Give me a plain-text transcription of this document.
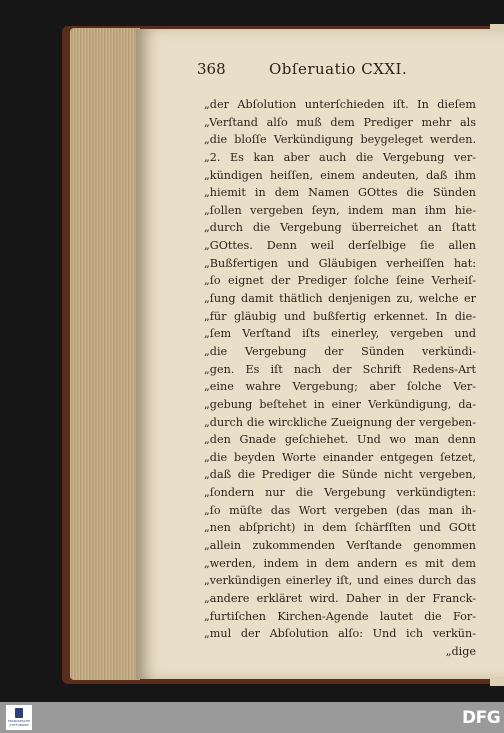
368	Obſeruatio CXXI.
„der Abſolution unterſchieden iſt. In dieſem
„Verſtand alſo muß dem Prediger mehr als
„die bloſſe Verkündigung beygeleget werden.
„2. Es kan aber auch die Vergebung ver-
„kündigen heiſſen, einem andeuten, daß ihm
„hiemit in dem Namen GOttes die Sünden
„ſollen vergeben ſeyn, indem man ihm hie-
„durch die Vergebung überreichet an ſtatt
„GOttes. Denn weil derſelbige ſie allen
„Bußfertigen und Gläubigen verheiſſen hat:
„ſo eignet der Prediger ſolche ſeine Verheiſ-
„ſung damit thätlich denjenigen zu, welche er
„für gläubig und bußfertig erkennet. In die-
„ſem Verſtand iſts einerley, vergeben und
„die Vergebung der Sünden verkündi-
„gen. Es iſt nach der Schrift Redens-Art
„eine wahre Vergebung; aber ſolche Ver-
„gebung beſtehet in einer Verkündigung, da-
„durch die wirckliche Zueignung der vergeben-
„den Gnade geſchiehet. Und wo man denn
„die beyden Worte einander entgegen ſetzet,
„daß die Prediger die Sünde nicht vergeben,
„ſondern nur die Vergebung verkündigten:
„ſo müſte das Wort vergeben (das man ih-
„nen abſpricht) in dem ſchärfſten und GOtt
„allein zukommenden Verſtande genommen
„werden, indem in dem andern es mit dem
„verkündigen einerley iſt, und eines durch das
„andere erkläret wird. Daher in der Franck-
„furtiſchen Kirchen-Agende lautet die For-
„mul der Abſolution alſo: Und ich verkün-
„dige
FRANCKESCHE STIFTUNGEN	DFG
